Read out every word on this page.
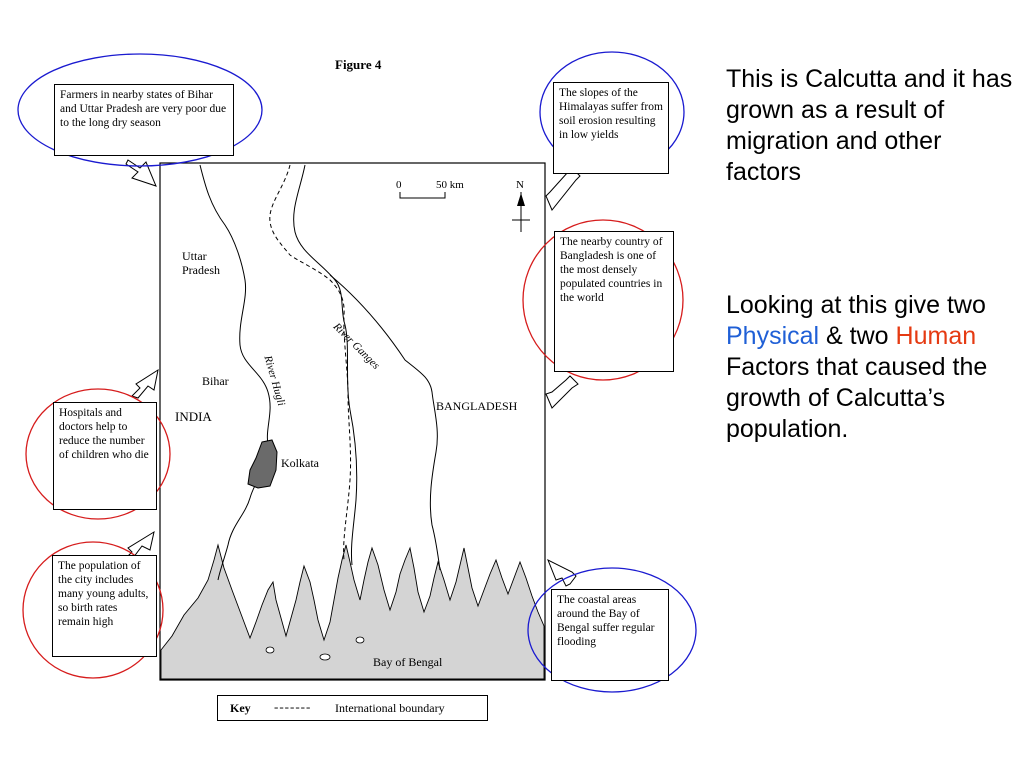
Figure 4
Uttar
Pradesh
Bihar
INDIA
Kolkata
BANGLADESH
Bay of Bengal
River Ganges
River Hugli
N
0	50 km
Farmers in nearby states of Bihar and Uttar Pradesh are very poor due to the long dry season
The slopes of the Himalayas suffer from soil erosion resulting in low yields
The nearby country of Bangladesh is one of the most densely populated countries in the world
Hospitals and doctors help to reduce the number of children who die
The population of the city includes many young adults, so birth rates remain high
The coastal areas around the Bay of Bengal suffer regular flooding
Key ------- International boundary
This is Calcutta and it has grown as a result of migration and other factors
Looking at this give two Physical & two Human Factors that caused the growth of Calcutta’s population.
